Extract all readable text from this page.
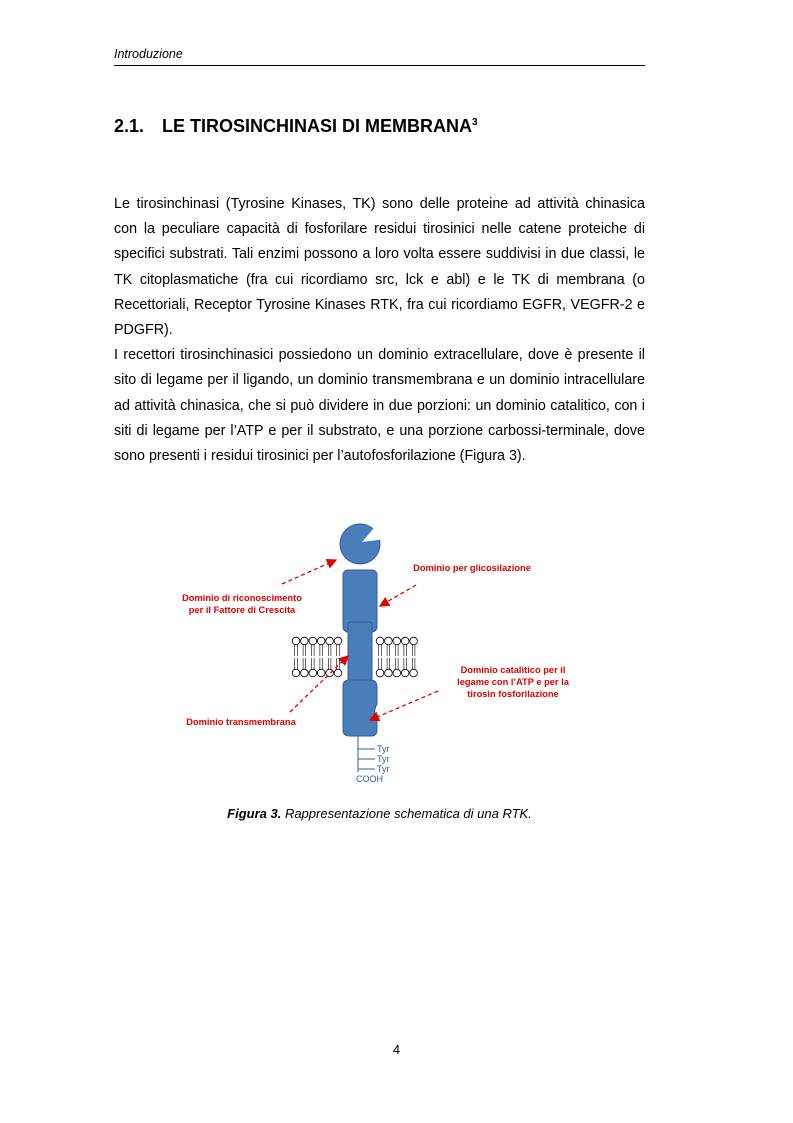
Introduzione
2.1. LE TIROSINCHINASI DI MEMBRANA$^3$

Le tirosinchinasi (Tyrosine Kinases, TK) sono delle proteine ad attività chinasica con la peculiare capacità di fosforilare residui tirosinici nelle catene proteiche di specifici substrati. Tali enzimi possono a loro volta essere suddivisi in due classi, le TK citoplasmatiche (fra cui ricordiamo src, lck e abl) e le TK di membrana (o Recettoriali, Receptor Tyrosine Kinases RTK, fra cui ricordiamo EGFR, VEGFR-2 e PDGFR).

I recettori tirosinchinasici possiedono un dominio extracellulare, dove è presente il sito di legame per il ligando, un dominio transmembrana e un dominio intracellulare ad attività chinasica, che si può dividere in due porzioni: un dominio catalitico, con i siti di legame per l’ATP e per il substrato, e una porzione carbossi-terminale, dove sono presenti i residui tirosinici per l’autofosforilazione (Figura 3).

Dominio per glicosilazione
Dominio di riconoscimento
per il Fattore di Crescita
Dominio catalitico per il
legame con l’ATP e per la
tirosin fosforilazione
Dominio transmembrana
Tyr
Tyr
Tyr
COOH
Figura 3. Rappresentazione schematica di una RTK.
4
